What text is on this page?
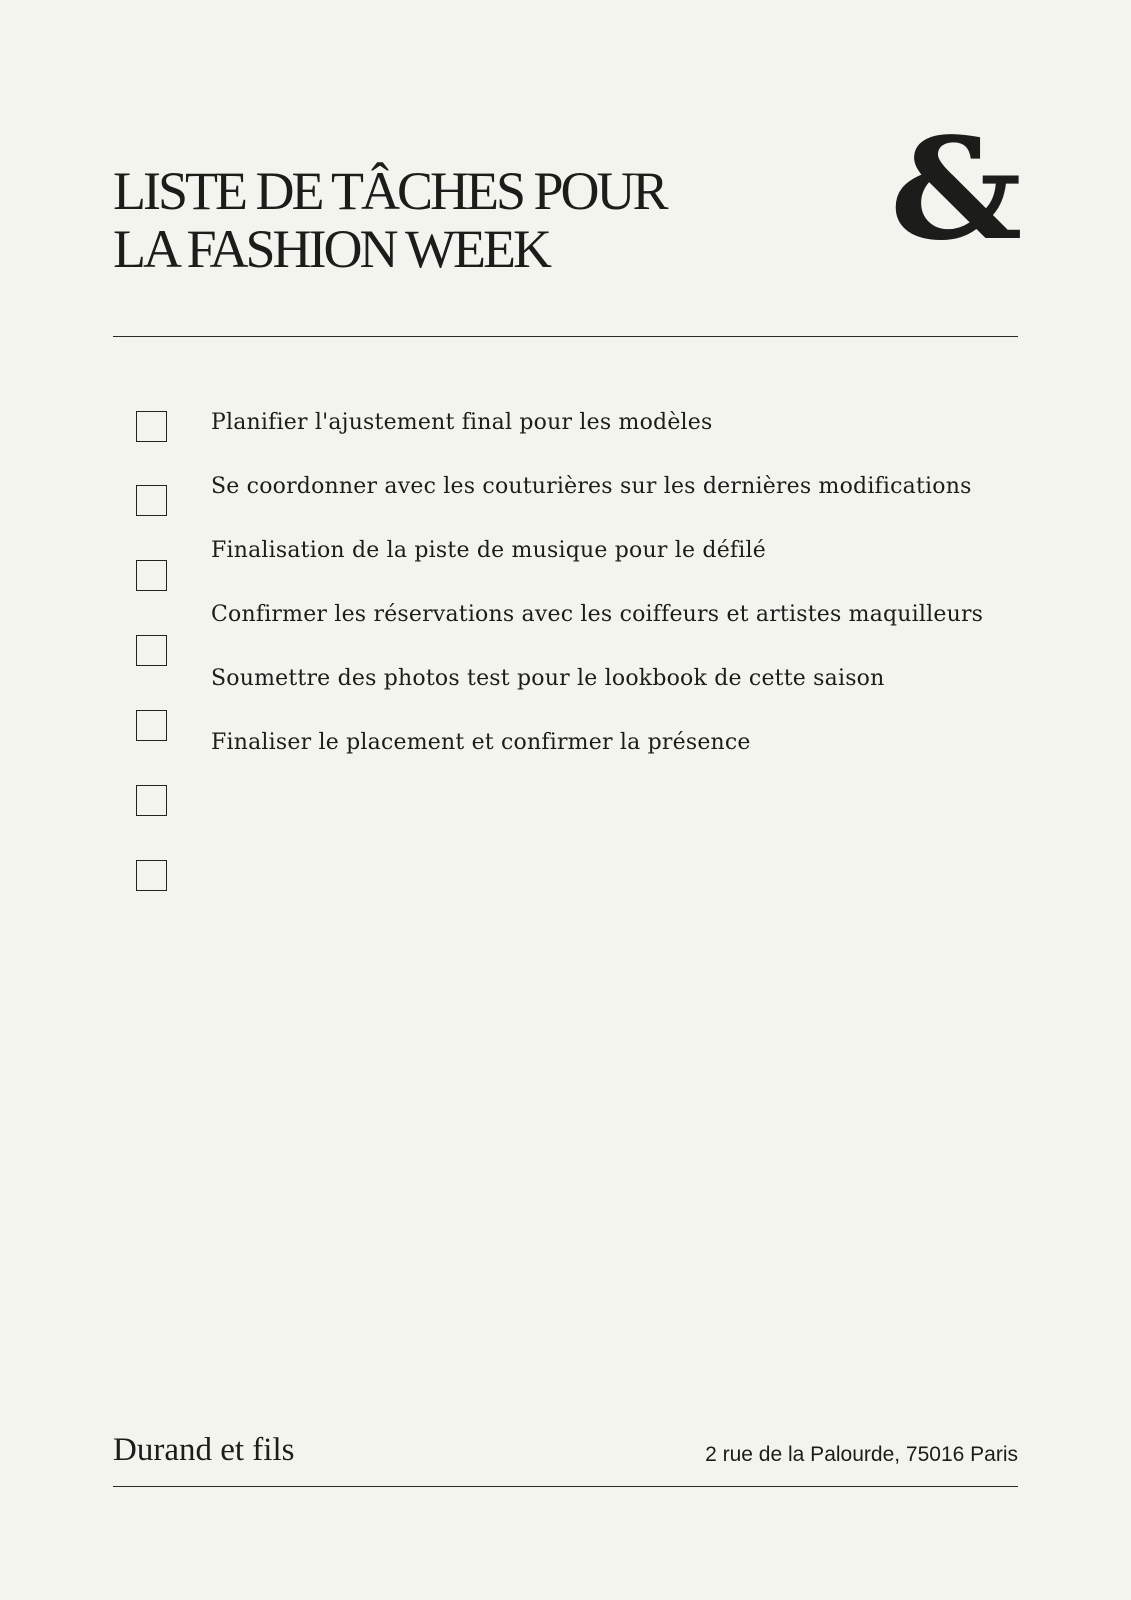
LISTE DE TÂCHES POUR
LA FASHION WEEK	&
Planifier l'ajustement final pour les modèles
Se coordonner avec les couturières sur les dernières modifications
Finalisation de la piste de musique pour le défilé
Confirmer les réservations avec les coiffeurs et artistes maquilleurs
Soumettre des photos test pour le lookbook de cette saison
Finaliser le placement et confirmer la présence
Durand et fils	2 rue de la Palourde, 75016 Paris
